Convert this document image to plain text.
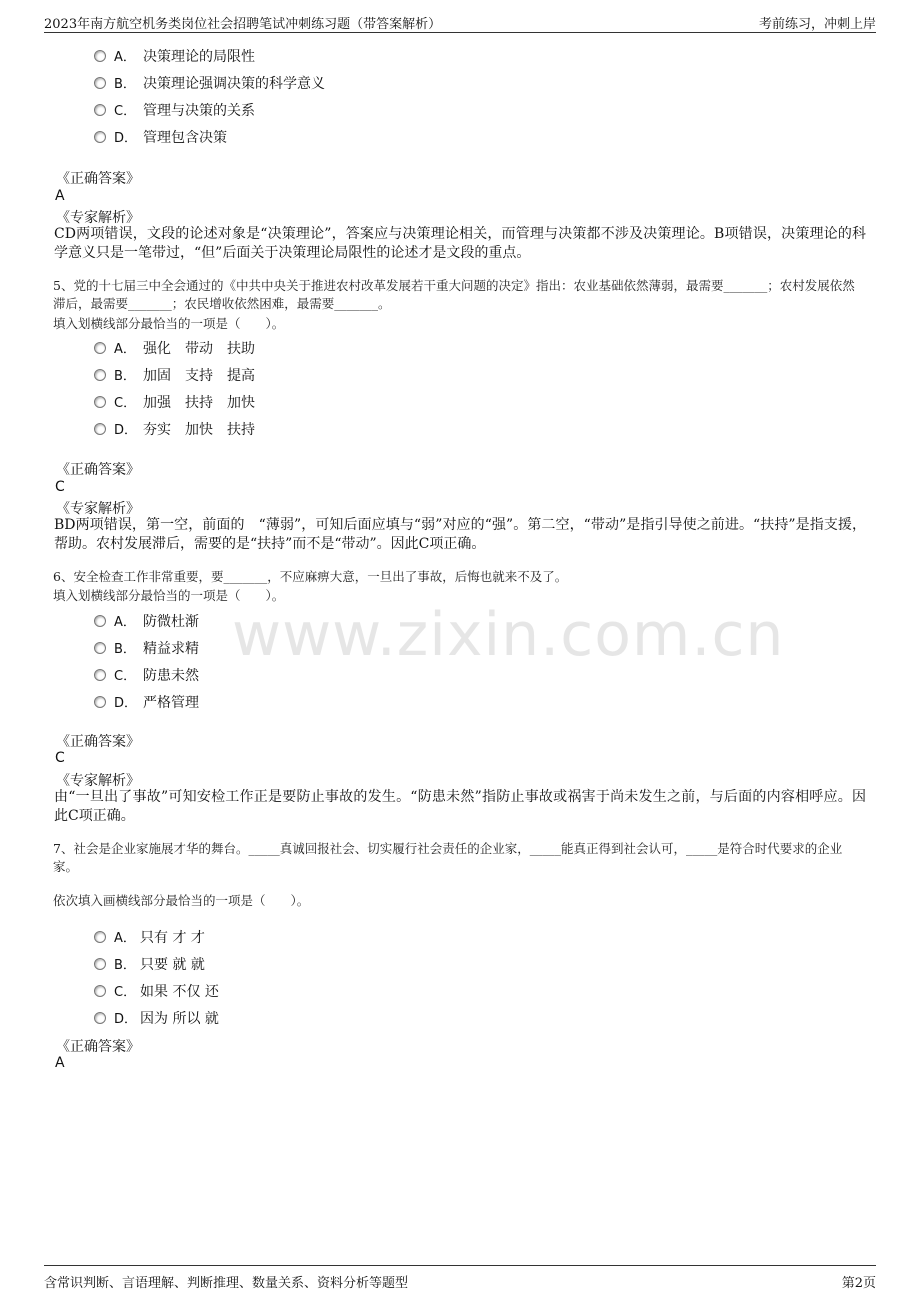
2023年南方航空机务类岗位社会招聘笔试冲刺练习题（带答案解析）	考前练习，冲刺上岸
www.zixin.com.cn
A． 决策理论的局限性
B． 决策理论强调决策的科学意义
C． 管理与决策的关系
D． 管理包含决策
《正确答案》
A
《专家解析》
CD两项错误，文段的论述对象是“决策理论”，答案应与决策理论相关，而管理与决策都不涉及决策理论。B项错误，决策理论的科学意义只是一笔带过，“但”后面关于决策理论局限性的论述才是文段的重点。
5、党的十七届三中全会通过的《中共中央关于推进农村改革发展若干重大问题的决定》指出：农业基础依然薄弱，最需要_______；农村发展依然滞后，最需要_______；农民增收依然困难，最需要_______。
填入划横线部分最恰当的一项是（　　）。
A． 强化　带动　扶助
B． 加固　支持　提高
C． 加强　扶持　加快
D． 夯实　加快　扶持
《正确答案》
C
《专家解析》
BD两项错误，第一空，前面的　“薄弱”，可知后面应填与“弱”对应的“强”。第二空，“带动”是指引导使之前进。“扶持”是指支援，帮助。农村发展滞后，需要的是“扶持”而不是“带动”。因此C项正确。
6、安全检查工作非常重要，要_______，不应麻痹大意，一旦出了事故，后悔也就来不及了。
填入划横线部分最恰当的一项是（　　）。
A． 防微杜渐
B． 精益求精
C． 防患未然
D． 严格管理
《正确答案》
C
《专家解析》
由“一旦出了事故”可知安检工作正是要防止事故的发生。“防患未然”指防止事故或祸害于尚未发生之前，与后面的内容相呼应。因此C项正确。
7、社会是企业家施展才华的舞台。_____真诚回报社会、切实履行社会责任的企业家，_____能真正得到社会认可，_____是符合时代要求的企业家。
依次填入画横线部分最恰当的一项是（　　）。
A． 只有 才 才
B． 只要 就 就
C． 如果 不仅 还
D． 因为 所以 就
《正确答案》
A
含常识判断、言语理解、判断推理、数量关系、资料分析等题型	第2页
